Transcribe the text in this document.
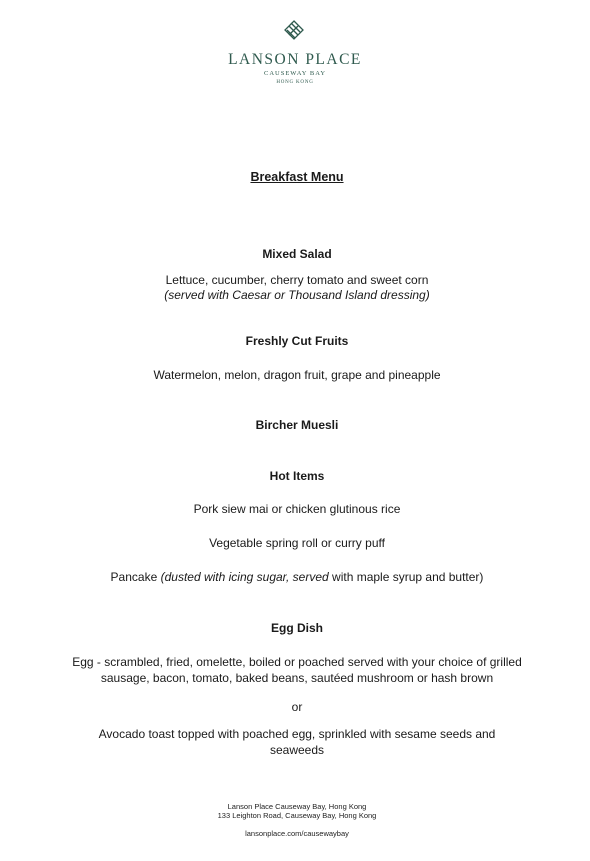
LANSON PLACE
CAUSEWAY BAY
HONG KONG
Breakfast Menu
Mixed Salad
Lettuce, cucumber, cherry tomato and sweet corn
(served with Caesar or Thousand Island dressing)
Freshly Cut Fruits
Watermelon, melon, dragon fruit, grape and pineapple
Bircher Muesli
Hot Items
Pork siew mai or chicken glutinous rice
Vegetable spring roll or curry puff
Pancake (dusted with icing sugar, served with maple syrup and butter)
Egg Dish
Egg - scrambled, fried, omelette, boiled or poached served with your choice of grilled
sausage, bacon, tomato, baked beans, sautéed mushroom or hash brown
or
Avocado toast topped with poached egg, sprinkled with sesame seeds and
seaweeds
Lanson Place Causeway Bay, Hong Kong
133 Leighton Road, Causeway Bay, Hong Kong
lansonplace.com/causewaybay
